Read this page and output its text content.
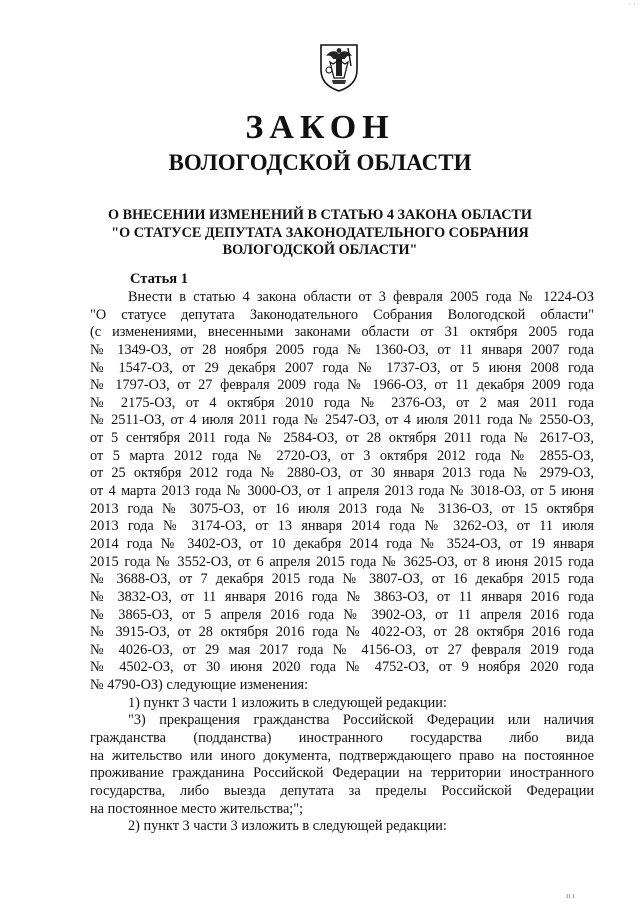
· ·
ЗАКОН
ВОЛОГОДСКОЙ ОБЛАСТИ
О ВНЕСЕНИИ ИЗМЕНЕНИЙ В СТАТЬЮ 4 ЗАКОНА ОБЛАСТИ
"О СТАТУСЕ ДЕПУТАТА ЗАКОНОДАТЕЛЬНОГО СОБРАНИЯ
ВОЛОГОДСКОЙ ОБЛАСТИ"
Статья 1
Внести в статью 4 закона области от 3 февраля 2005 года № 1224-ОЗ
"О статусе депутата Законодательного Собрания Вологодской области"
(с изменениями, внесенными законами области от 31 октября 2005 года
№ 1349-ОЗ, от 28 ноября 2005 года № 1360-ОЗ, от 11 января 2007 года
№ 1547-ОЗ, от 29 декабря 2007 года № 1737-ОЗ, от 5 июня 2008 года
№ 1797-ОЗ, от 27 февраля 2009 года № 1966-ОЗ, от 11 декабря 2009 года
№ 2175-ОЗ, от 4 октября 2010 года № 2376-ОЗ, от 2 мая 2011 года
№ 2511-ОЗ, от 4 июля 2011 года № 2547-ОЗ, от 4 июля 2011 года № 2550-ОЗ,
от 5 сентября 2011 года № 2584-ОЗ, от 28 октября 2011 года № 2617-ОЗ,
от 5 марта 2012 года № 2720-ОЗ, от 3 октября 2012 года № 2855-ОЗ,
от 25 октября 2012 года № 2880-ОЗ, от 30 января 2013 года № 2979-ОЗ,
от 4 марта 2013 года № 3000-ОЗ, от 1 апреля 2013 года № 3018-ОЗ, от 5 июня
2013 года № 3075-ОЗ, от 16 июля 2013 года № 3136-ОЗ, от 15 октября
2013 года № 3174-ОЗ, от 13 января 2014 года № 3262-ОЗ, от 11 июля
2014 года № 3402-ОЗ, от 10 декабря 2014 года № 3524-ОЗ, от 19 января
2015 года № 3552-ОЗ, от 6 апреля 2015 года № 3625-ОЗ, от 8 июня 2015 года
№ 3688-ОЗ, от 7 декабря 2015 года № 3807-ОЗ, от 16 декабря 2015 года
№ 3832-ОЗ, от 11 января 2016 года № 3863-ОЗ, от 11 января 2016 года
№ 3865-ОЗ, от 5 апреля 2016 года № 3902-ОЗ, от 11 апреля 2016 года
№ 3915-ОЗ, от 28 октября 2016 года № 4022-ОЗ, от 28 октября 2016 года
№ 4026-ОЗ, от 29 мая 2017 года № 4156-ОЗ, от 27 февраля 2019 года
№ 4502-ОЗ, от 30 июня 2020 года № 4752-ОЗ, от 9 ноября 2020 года
№ 4790-ОЗ) следующие изменения:
1) пункт 3 части 1 изложить в следующей редакции:
"3) прекращения гражданства Российской Федерации или наличия
гражданства (подданства) иностранного государства либо вида
на жительство или иного документа, подтверждающего право на постоянное
проживание гражданина Российской Федерации на территории иностранного
государства, либо выезда депутата за пределы Российской Федерации
на постоянное место жительства;";
2) пункт 3 части 3 изложить в следующей редакции:
ıı ı
